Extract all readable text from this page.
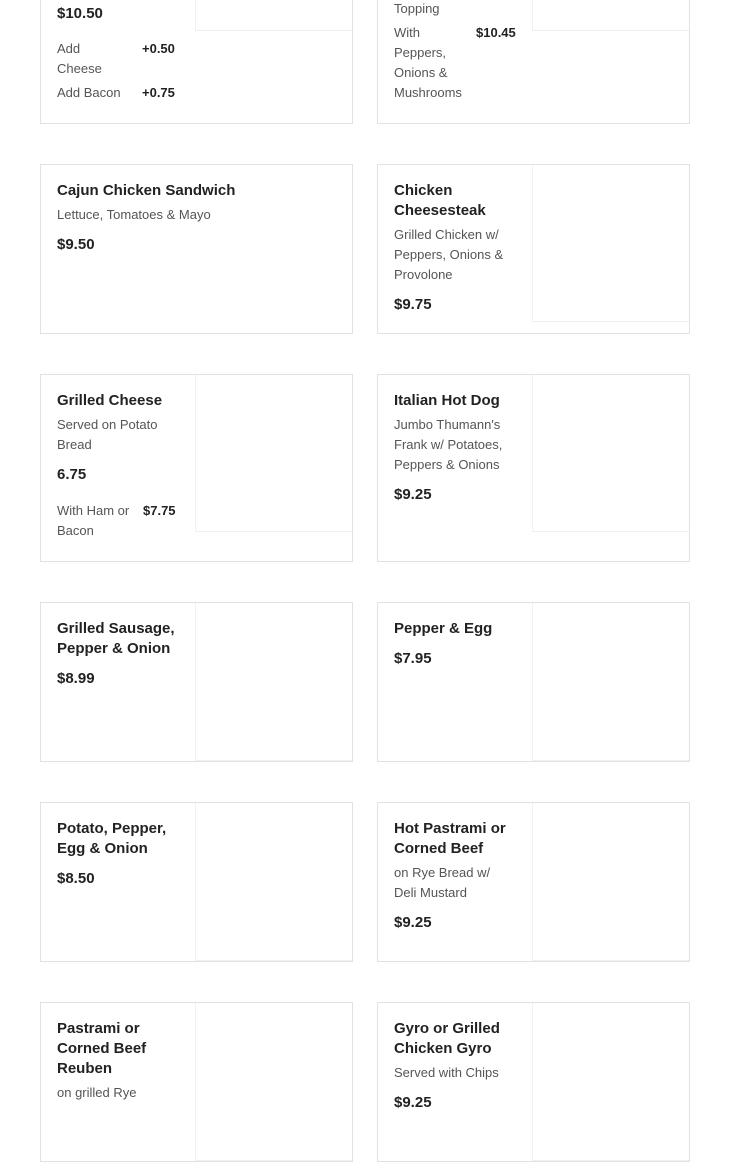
$10.50
Add Cheese
+0.50
Add Bacon	+0.75
Topping
With Peppers, Onions & Mushrooms
$10.45
Cajun Chicken Sandwich
Lettuce, Tomatoes & Mayo
$9.50
Chicken Cheesesteak
Grilled Chicken w/ Peppers, Onions & Provolone
$9.75
Grilled Cheese
Served on Potato Bread
6.75
With Ham or Bacon
$7.75
Italian Hot Dog
Jumbo Thumann's Frank w/ Potatoes, Peppers & Onions
$9.25
Grilled Sausage, Pepper & Onion
$8.99
Pepper & Egg
$7.95
Potato, Pepper, Egg & Onion
$8.50
Hot Pastrami or Corned Beef
on Rye Bread w/ Deli Mustard
$9.25
Pastrami or Corned Beef Reuben
on grilled Rye
Gyro or Grilled Chicken Gyro
Served with Chips
$9.25
